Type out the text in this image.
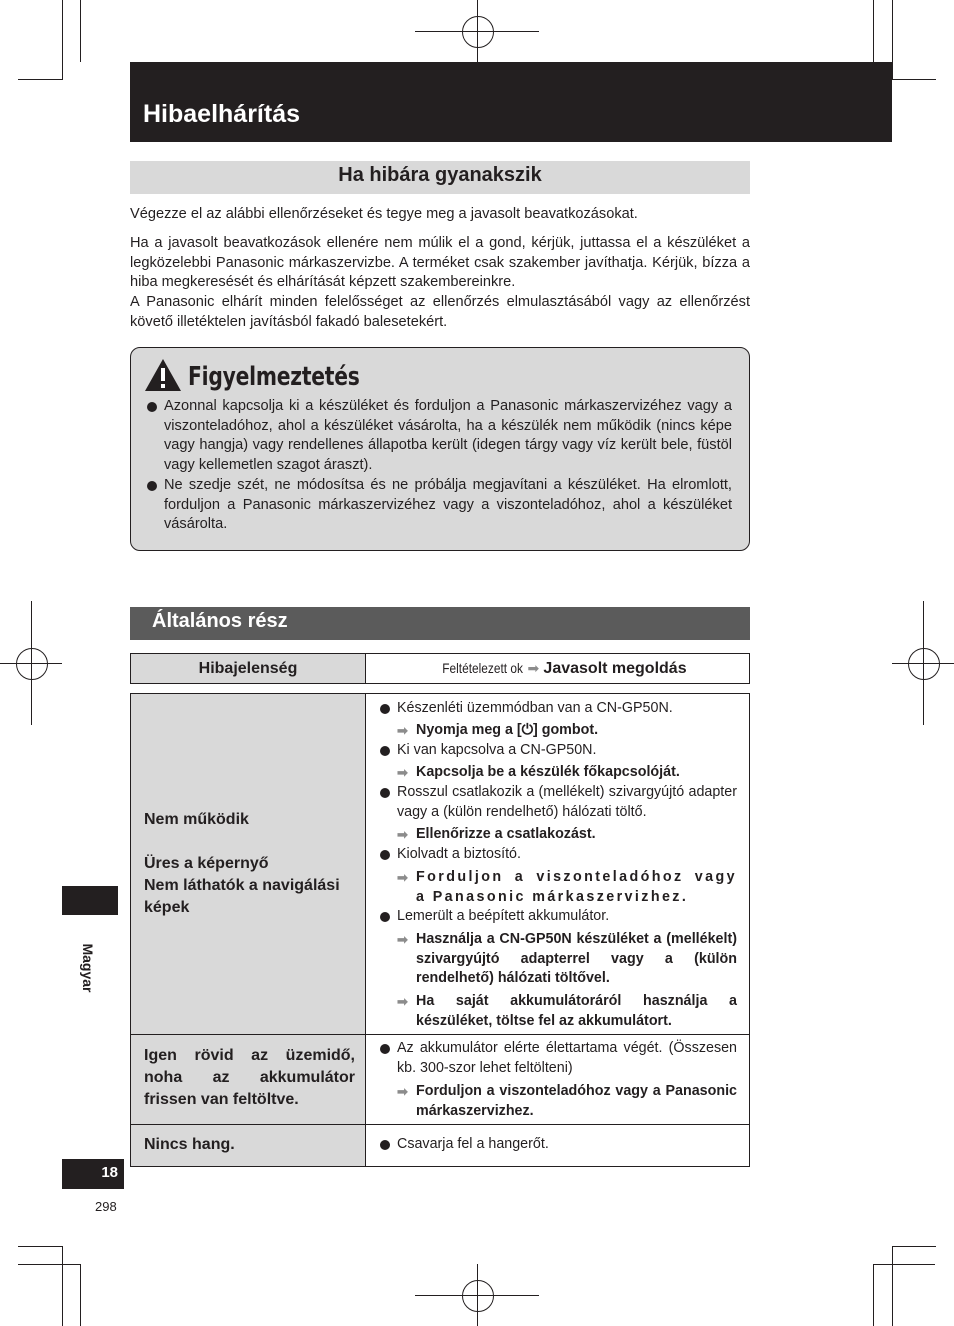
Hibaelhárítás
Ha hibára gyanakszik
Végezze el az alábbi ellenőrzéseket és tegye meg a javasolt beavatkozásokat.
Ha a javasolt beavatkozások ellenére nem múlik el a gond, kérjük, juttassa el a készüléket a legközelebbi Panasonic márkaszervizbe. A terméket csak szakember javíthatja. Kérjük, bízza a hiba megkeresését és elhárítását képzett szakembereinkre.
A Panasonic elhárít minden felelősséget az ellenőrzés elmulasztásából vagy az ellenőrzést követő illetéktelen javításból fakadó balesetekért.
Figyelmeztetés
Azonnal kapcsolja ki a készüléket és forduljon a Panasonic márkaszervizéhez vagy a viszonteladóhoz, ahol a készüléket vásárolta, ha a készülék nem működik (nincs képe vagy hangja) vagy rendellenes állapotba került (idegen tárgy vagy víz került bele, füstöl vagy kellemetlen szagot áraszt).
Ne szedje szét, ne módosítsa és ne próbálja megjavítani a készüléket. Ha elromlott, forduljon a Panasonic márkaszervizéhez vagy a viszonteladóhoz, ahol a készüléket vásárolta.
Általános rész
Hibajelenség	Feltételezett ok ➡ Javasolt megoldás
Nem működik
Üres a képernyő
Nem láthatók a navigálási képek
Készenléti üzemmódban van a CN-GP50N.
➡ Nyomja meg a [⏻] gombot.
Ki van kapcsolva a CN-GP50N.
➡ Kapcsolja be a készülék főkapcsolóját.
Rosszul csatlakozik a (mellékelt) szivargyújtó adapter vagy a (külön rendelhető) hálózati töltő.
➡ Ellenőrizze a csatlakozást.
Kiolvadt a biztosító.
➡ Forduljon a viszonteladóhoz vagy a Panasonic márkaszervizhez.
Lemerült a beépített akkumulátor.
➡ Használja a CN-GP50N készüléket a (mellékelt) szivargyújtó adapterrel vagy a (külön rendelhető) hálózati töltővel.
➡ Ha saját akkumulátoráról használja a készüléket, töltse fel az akkumulátort.
Igen rövid az üzemidő, noha az akkumulátor frissen van feltöltve.
Az akkumulátor elérte élettartama végét. (Összesen kb. 300-szor lehet feltölteni)
➡ Forduljon a viszonteladóhoz vagy a Panasonic márkaszervizhez.
Nincs hang.	Csavarja fel a hangerőt.
Magyar
18
298
